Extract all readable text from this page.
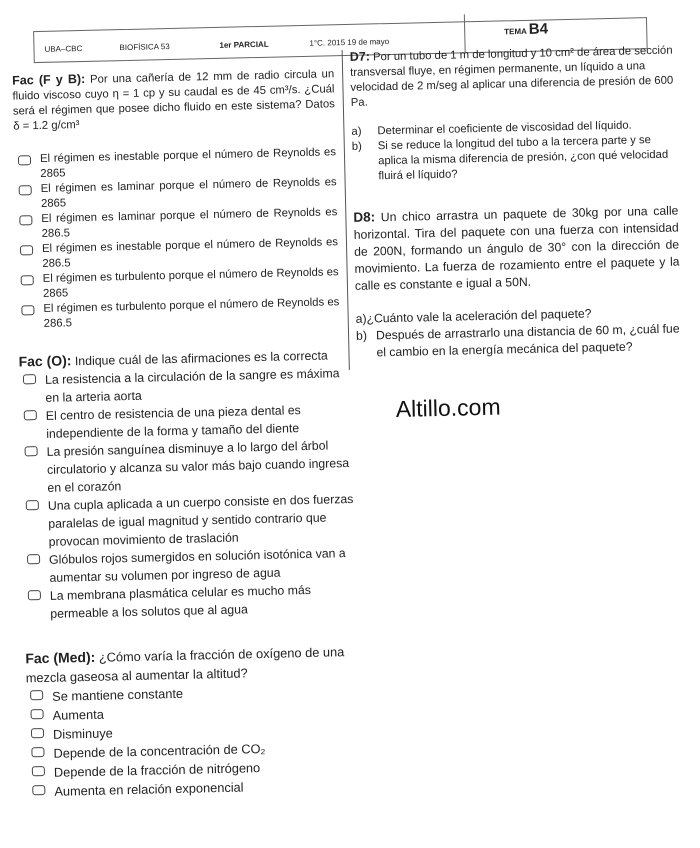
UBA–CBC	BIOFÍSICA 53	1er PARCIAL	1°C. 2015 19 de mayo
TEMA B4

Fac (F y B): Por una cañería de 12 mm de radio circula un fluido viscoso cuyo η = 1 cp y su caudal es de 45 cm³/s. ¿Cuál será el régimen que posee dicho fluido en este sistema? Datos δ = 1.2 g/cm³

El régimen es inestable porque el número de Reynolds es 2865
El régimen es laminar porque el número de Reynolds es 2865
El régimen es laminar porque el número de Reynolds es 286.5
El régimen es inestable porque el número de Reynolds es 286.5
El régimen es turbulento porque el número de Reynolds es 2865
El régimen es turbulento porque el número de Reynolds es 286.5

Fac (O): Indique cuál de las afirmaciones es la correcta

La resistencia a la circulación de la sangre es máxima en la arteria aorta
El centro de resistencia de una pieza dental es independiente de la forma y tamaño del diente
La presión sanguínea disminuye a lo largo del árbol circulatorio y alcanza su valor más bajo cuando ingresa en el corazón
Una cupla aplicada a un cuerpo consiste en dos fuerzas paralelas de igual magnitud y sentido contrario que provocan movimiento de traslación
Glóbulos rojos sumergidos en solución isotónica van a aumentar su volumen por ingreso de agua
La membrana plasmática celular es mucho más permeable a los solutos que al agua

Fac (Med): ¿Cómo varía la fracción de oxígeno de una mezcla gaseosa al aumentar la altitud?

Se mantiene constante
Aumenta
Disminuye
Depende de la concentración de CO₂
Depende de la fracción de nitrógeno
Aumenta en relación exponencial

D7: Por un tubo de 1 m de longitud y 10 cm² de área de sección transversal fluye, en régimen permanente, un líquido a una velocidad de 2 m/seg al aplicar una diferencia de presión de 600 Pa.

a) Determinar el coeficiente de viscosidad del líquido.
b) Si se reduce la longitud del tubo a la tercera parte y se aplica la misma diferencia de presión, ¿con qué velocidad fluirá el líquido?

D8: Un chico arrastra un paquete de 30kg por una calle horizontal. Tira del paquete con una fuerza con intensidad de 200N, formando un ángulo de 30° con la dirección de movimiento. La fuerza de rozamiento entre el paquete y la calle es constante e igual a 50N.

a)¿Cuánto vale la aceleración del paquete?
b) Después de arrastrarlo una distancia de 60 m, ¿cuál fue el cambio en la energía mecánica del paquete?
Altillo.com
